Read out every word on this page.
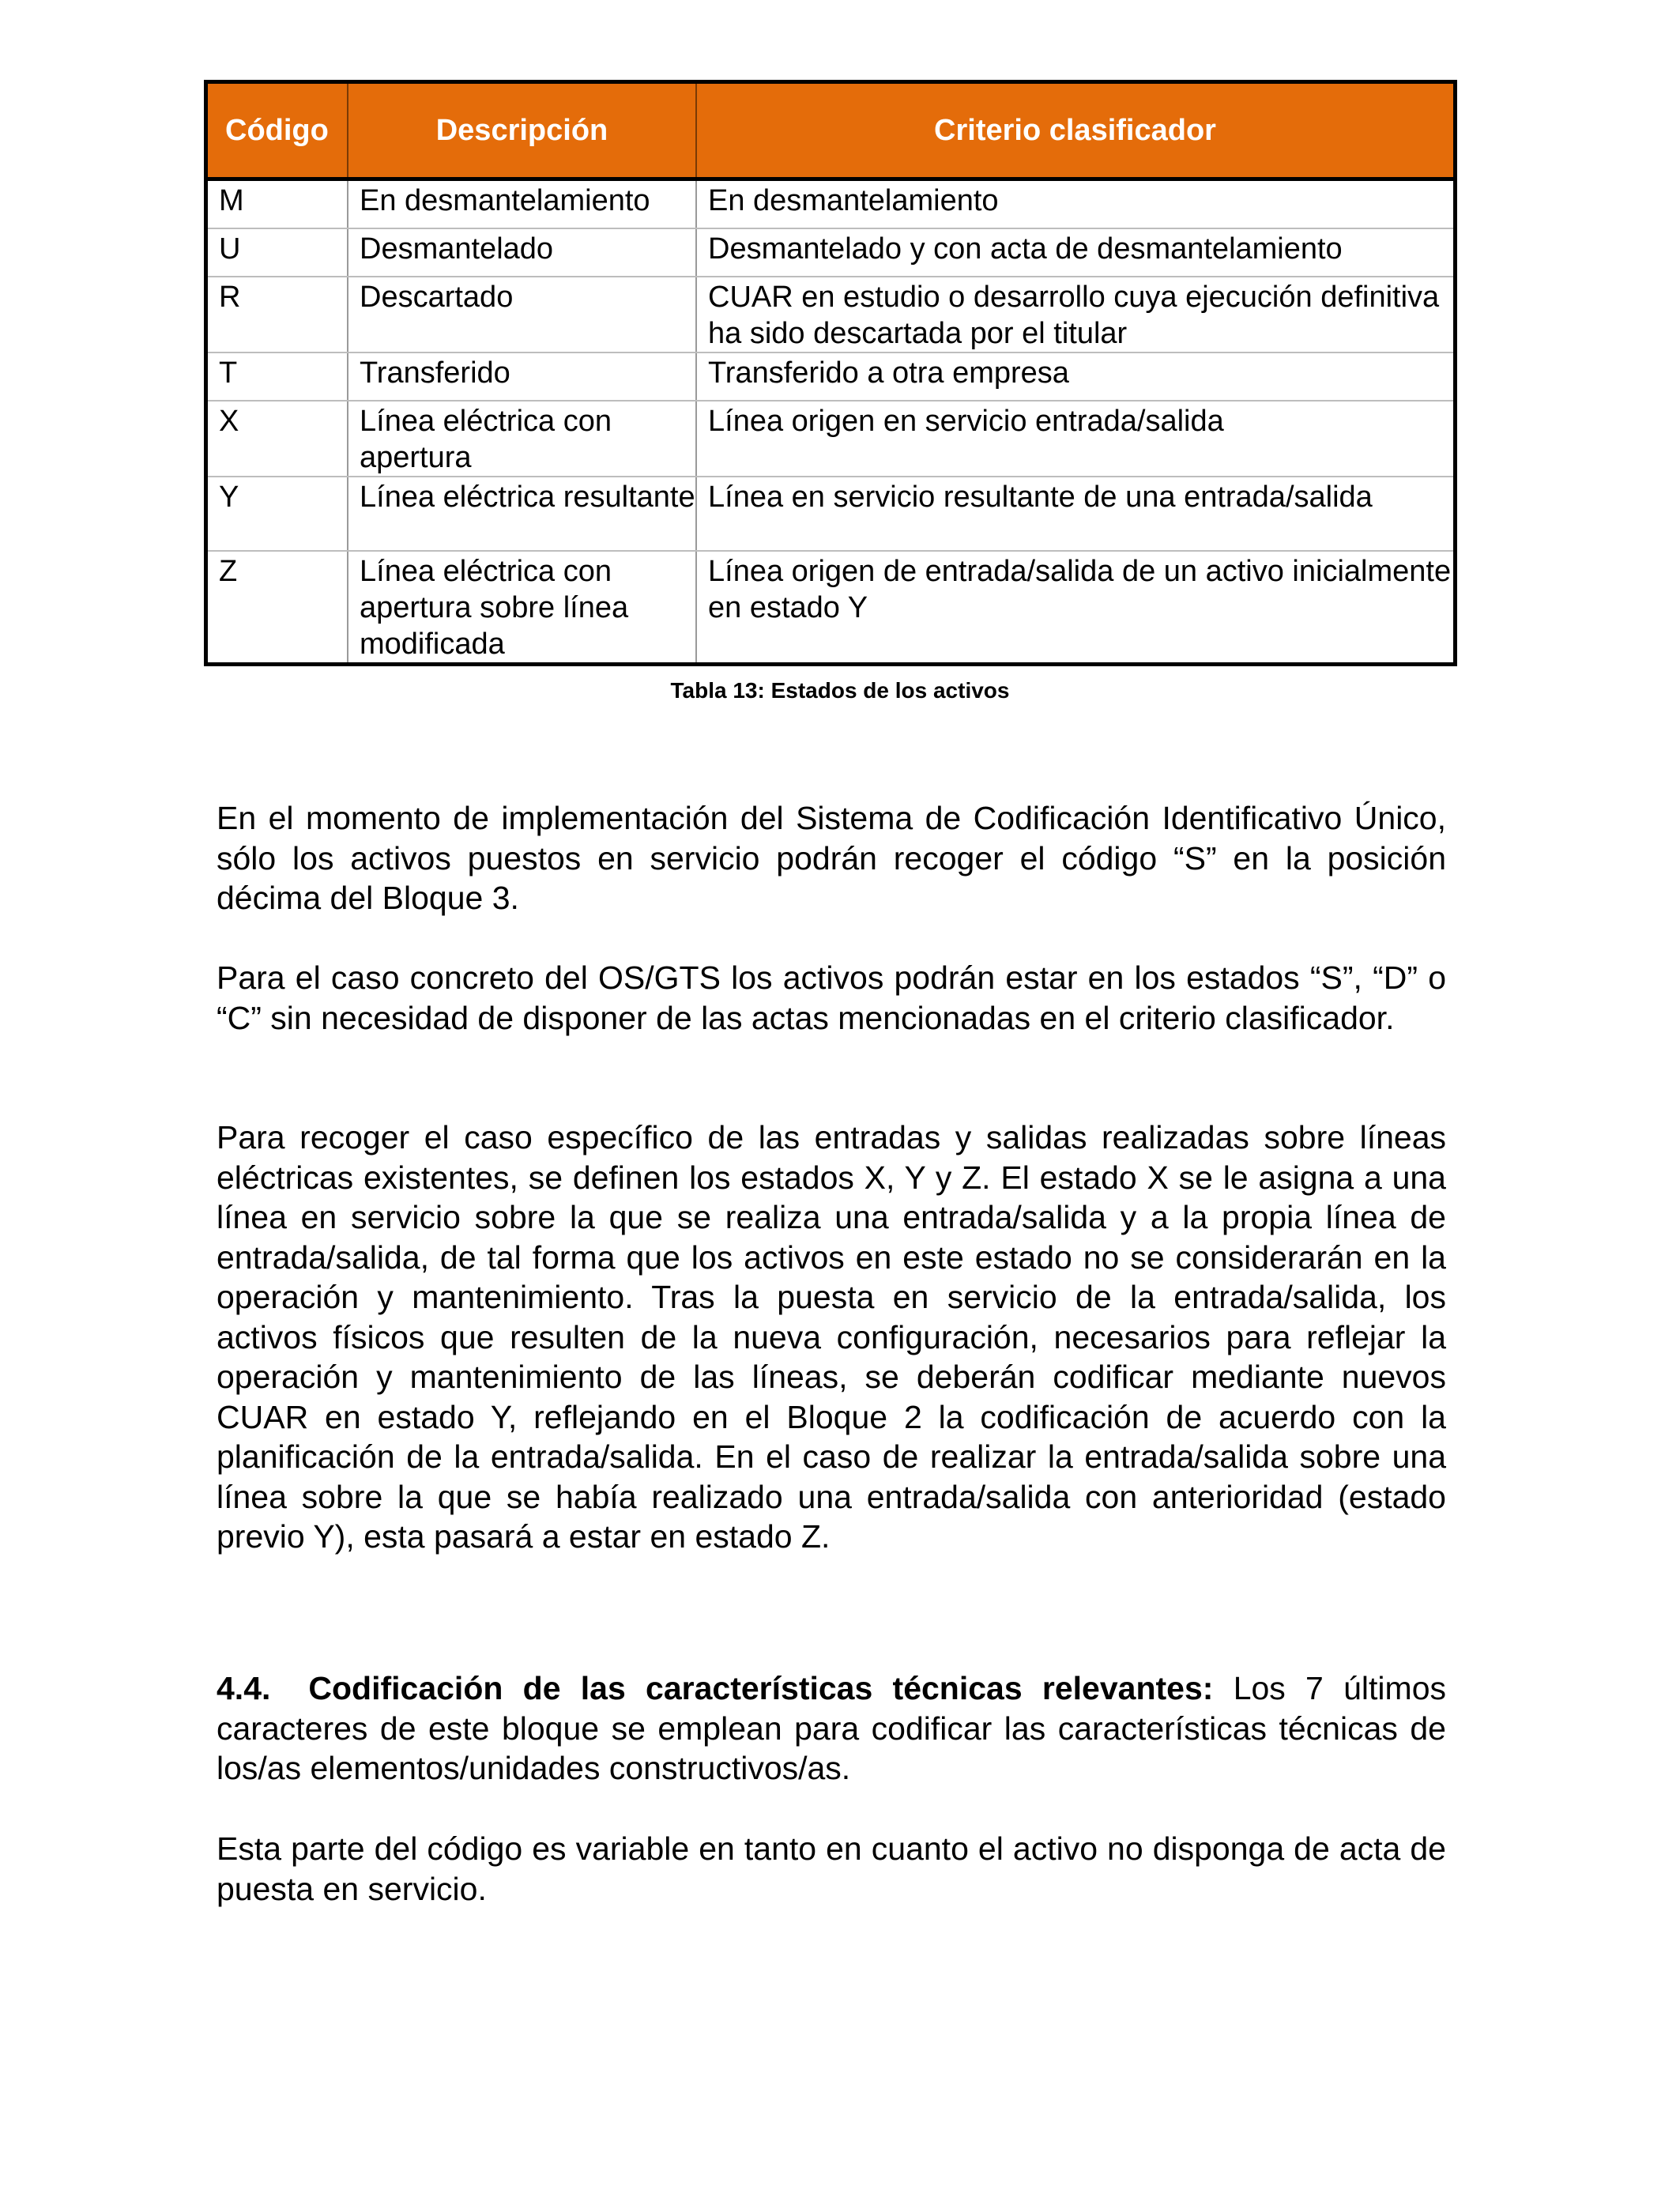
Código	Descripción	Criterio clasificador
M	En desmantelamiento	En desmantelamiento
U	Desmantelado	Desmantelado y con acta de desmantelamiento
R	Descartado	CUAR en estudio o desarrollo cuya ejecución definitiva ha sido descartada por el titular
T	Transferido	Transferido a otra empresa
X	Línea eléctrica con apertura	Línea origen en servicio entrada/salida
Y	Línea eléctrica resultante	Línea en servicio resultante de una entrada/salida
Z	Línea eléctrica con apertura sobre línea modificada	Línea origen de entrada/salida de un activo inicialmente en estado Y
Tabla 13: Estados de los activos

En el momento de implementación del Sistema de Codificación Identificativo Único, sólo los activos puestos en servicio podrán recoger el código “S” en la posición décima del Bloque 3.

Para el caso concreto del OS/GTS los activos podrán estar en los estados “S”, “D” o “C” sin necesidad de disponer de las actas mencionadas en el criterio clasificador.

Para recoger el caso específico de las entradas y salidas realizadas sobre líneas eléctricas existentes, se definen los estados X, Y y Z. El estado X se le asigna a una línea en servicio sobre la que se realiza una entrada/salida y a la propia línea de entrada/salida, de tal forma que los activos en este estado no se considerarán en la operación y mantenimiento. Tras la puesta en servicio de la entrada/salida, los activos físicos que resulten de la nueva configuración, necesarios para reflejar la operación y mantenimiento de las líneas, se deberán codificar mediante nuevos CUAR en estado Y, reflejando en el Bloque 2 la codificación de acuerdo con la planificación de la entrada/salida. En el caso de realizar la entrada/salida sobre una línea sobre la que se había realizado una entrada/salida con anterioridad (estado previo Y), esta pasará a estar en estado Z.

4.4. Codificación de las características técnicas relevantes: Los 7 últimos caracteres de este bloque se emplean para codificar las características técnicas de los/as elementos/unidades constructivos/as.

Esta parte del código es variable en tanto en cuanto el activo no disponga de acta de puesta en servicio.
